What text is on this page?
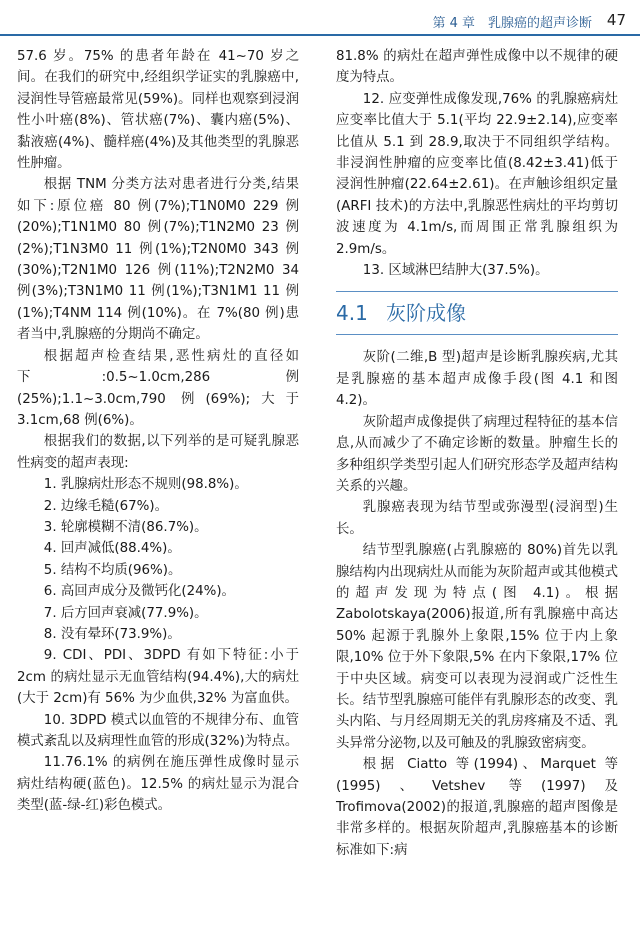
第 4 章　乳腺癌的超声诊断 47

57.6 岁。75% 的患者年龄在 41~70 岁之间。在我们的研究中,经组织学证实的乳腺癌中,浸润性导管癌最常见(59%)。同样也观察到浸润性小叶癌(8%)、管状癌(7%)、囊内癌(5%)、黏液癌(4%)、髓样癌(4%)及其他类型的乳腺恶性肿瘤。

根据 TNM 分类方法对患者进行分类,结果如下:原位癌 80 例(7%);T1N0M0 229 例(20%);T1N1M0 80 例(7%);T1N2M0 23 例(2%);T1N3M0 11 例(1%);T2N0M0 343 例(30%);T2N1M0 126 例(11%);T2N2M0 34 例(3%);T3N1M0 11 例(1%);T3N1M1 11 例(1%);T4NM 114 例(10%)。在 7%(80 例)患者当中,乳腺癌的分期尚不确定。

根据超声检查结果,恶性病灶的直径如下:0.5~1.0cm,286 例(25%);1.1~3.0cm,790 例(69%);大于 3.1cm,68 例(6%)。

根据我们的数据,以下列举的是可疑乳腺恶性病变的超声表现:

1. 乳腺病灶形态不规则(98.8%)。

2. 边缘毛糙(67%)。

3. 轮廓模糊不清(86.7%)。

4. 回声减低(88.4%)。

5. 结构不均质(96%)。

6. 高回声成分及微钙化(24%)。

7. 后方回声衰减(77.9%)。

8. 没有晕环(73.9%)。

9. CDI、PDI、3DPD 有如下特征:小于 2cm 的病灶显示无血管结构(94.4%),大的病灶(大于 2cm)有 56% 为少血供,32% 为富血供。

10. 3DPD 模式以血管的不规律分布、血管模式紊乱以及病理性血管的形成(32%)为特点。

11.76.1% 的病例在施压弹性成像时显示病灶结构硬(蓝色)。12.5% 的病灶显示为混合类型(蓝-绿-红)彩色模式。

81.8% 的病灶在超声弹性成像中以不规律的硬度为特点。

12. 应变弹性成像发现,76% 的乳腺癌病灶应变率比值大于 5.1(平均 22.9±2.14),应变率比值从 5.1 到 28.9,取决于不同组织学结构。非浸润性肿瘤的应变率比值(8.42±3.41)低于浸润性肿瘤(22.64±2.61)。在声触诊组织定量(ARFI 技术)的方法中,乳腺恶性病灶的平均剪切波速度为 4.1m/s,而周围正常乳腺组织为 2.9m/s。

13. 区域淋巴结肿大(37.5%)。

4.1 灰阶成像

灰阶(二维,B 型)超声是诊断乳腺疾病,尤其是乳腺癌的基本超声成像手段(图 4.1 和图 4.2)。

灰阶超声成像提供了病理过程特征的基本信息,从而减少了不确定诊断的数量。肿瘤生长的多种组织学类型引起人们研究形态学及超声结构关系的兴趣。

乳腺癌表现为结节型或弥漫型(浸润型)生长。

结节型乳腺癌(占乳腺癌的 80%)首先以乳腺结构内出现病灶从而能为灰阶超声或其他模式的超声发现为特点(图 4.1)。根据 Zabolotskaya(2006)报道,所有乳腺癌中高达 50% 起源于乳腺外上象限,15% 位于内上象限,10% 位于外下象限,5% 在内下象限,17% 位于中央区域。病变可以表现为浸润或广泛性生长。结节型乳腺癌可能伴有乳腺形态的改变、乳头内陷、与月经周期无关的乳房疼痛及不适、乳头异常分泌物,以及可触及的乳腺致密病变。

根据 Ciatto 等(1994)、Marquet 等(1995)、Vetshev 等(1997)及 Trofimova(2002)的报道,乳腺癌的超声图像是非常多样的。根据灰阶超声,乳腺癌基本的诊断标准如下:病
